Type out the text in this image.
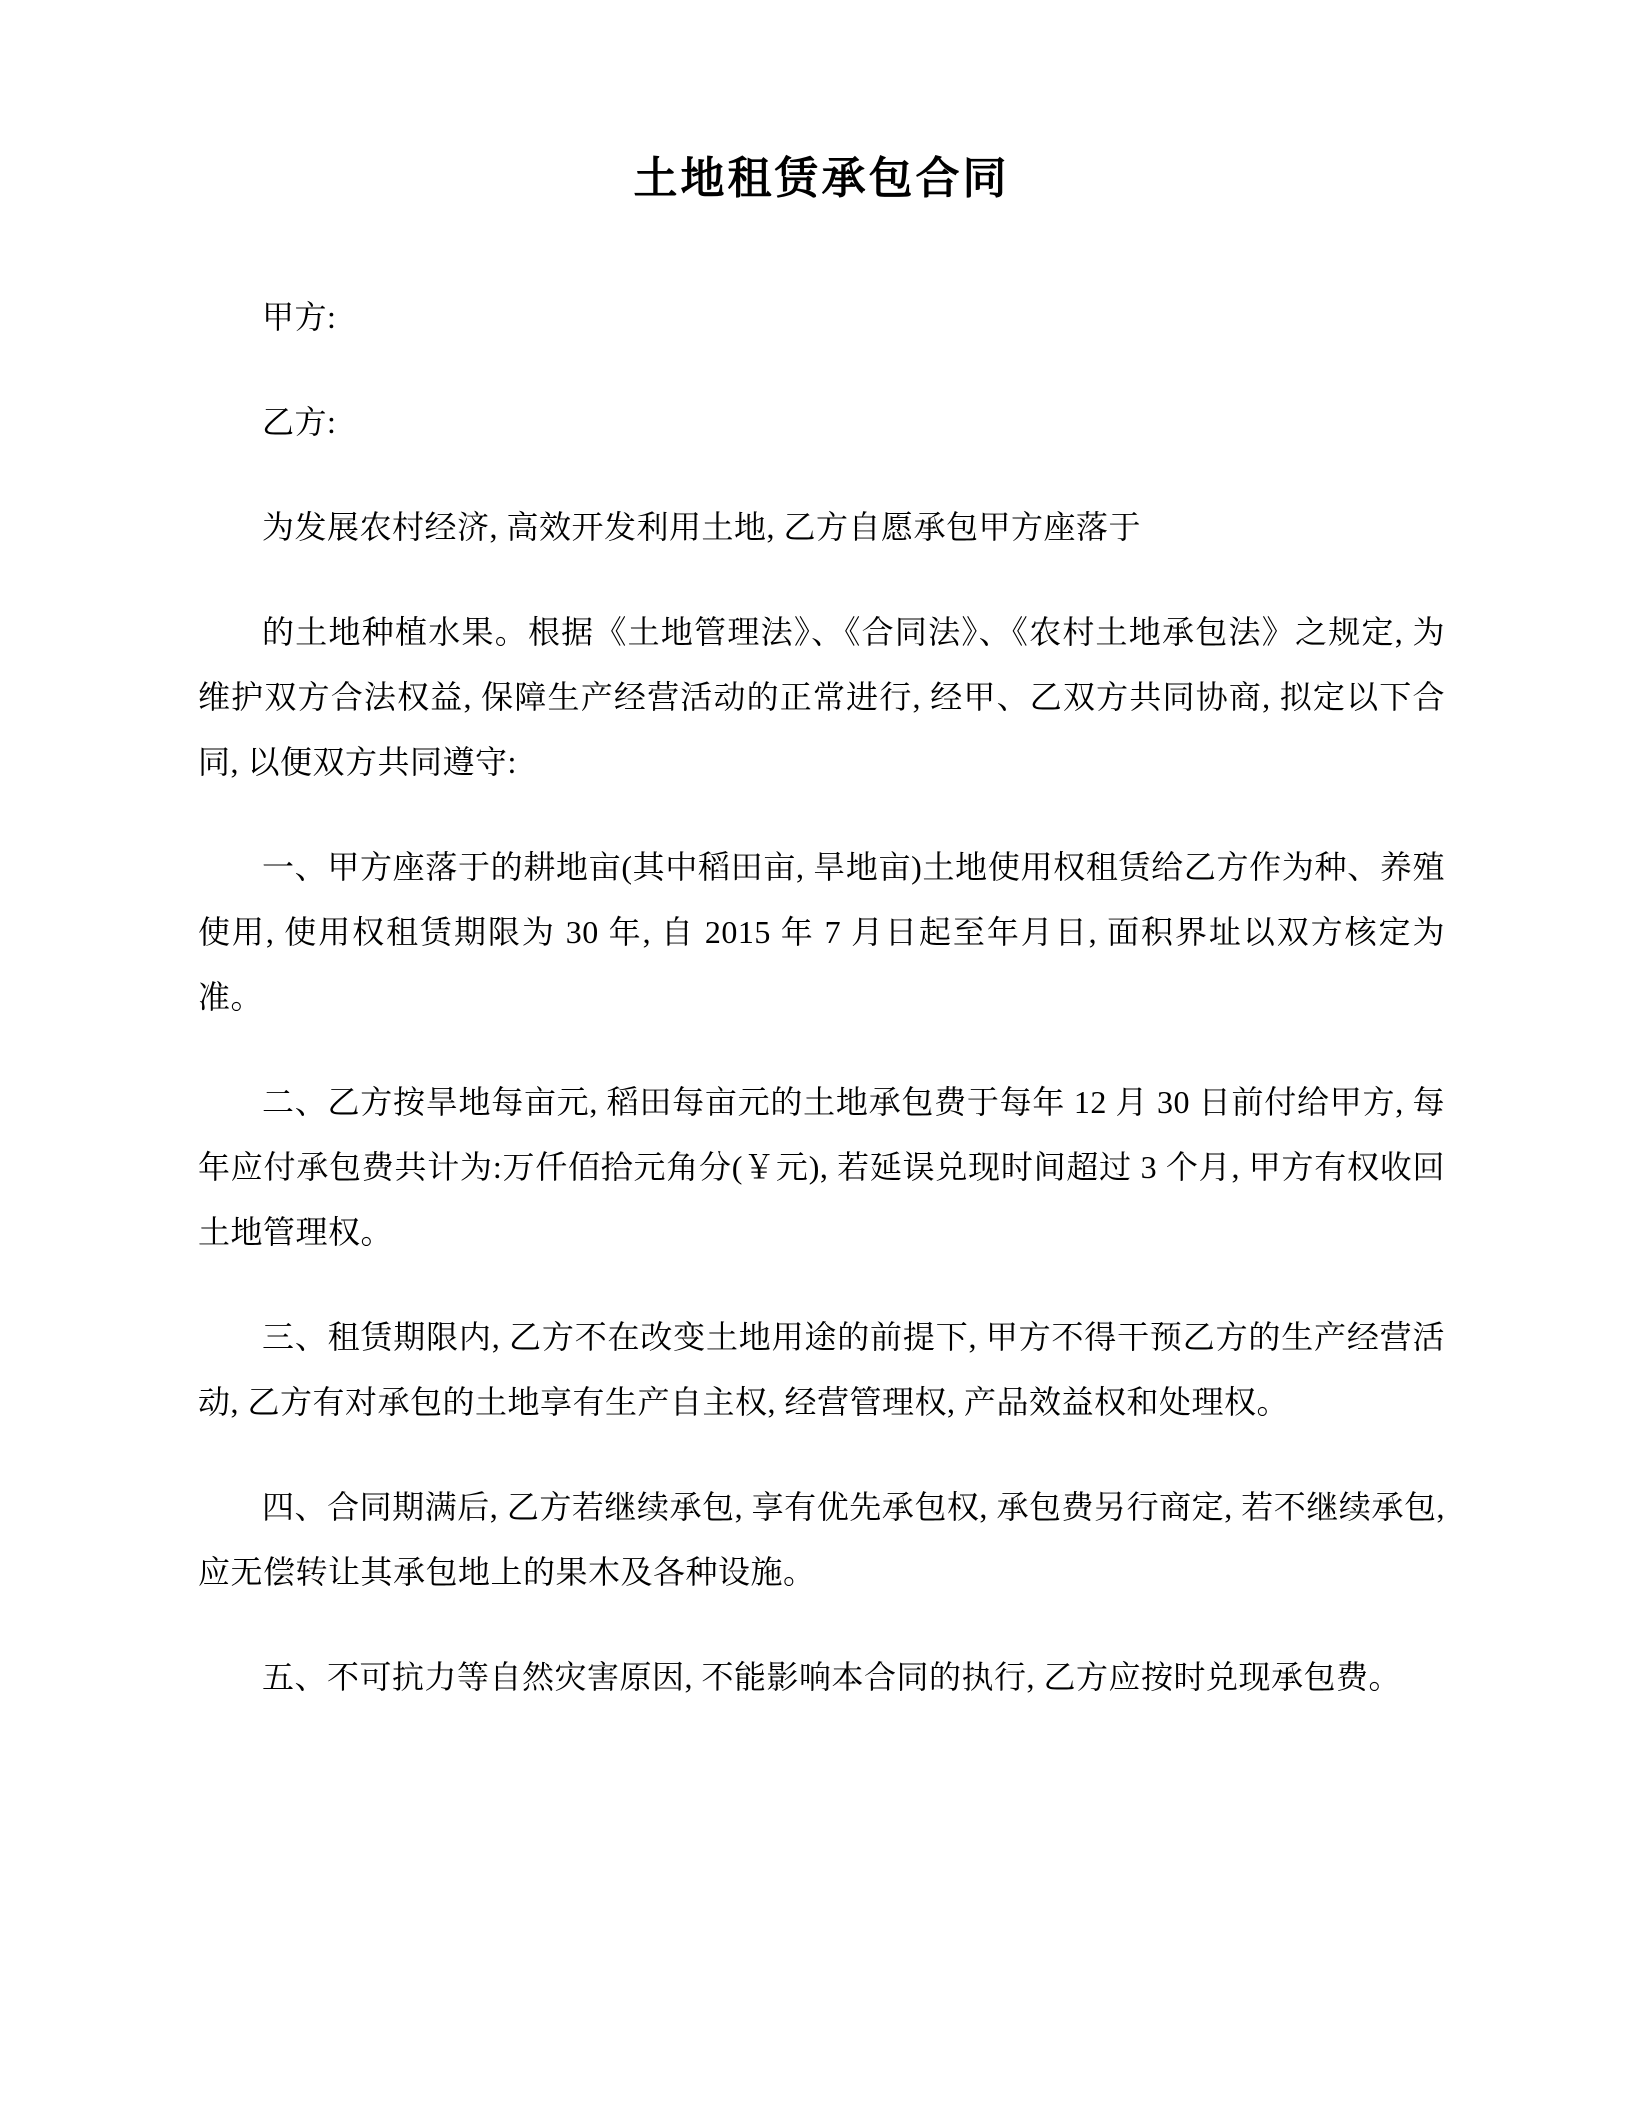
土地租赁承包合同

甲方:

乙方:

为发展农村经济, 高效开发利用土地, 乙方自愿承包甲方座落于

的土地种植水果。根据《土地管理法》、《合同法》、《农村土地承包法》之规定, 为维护双方合法权益, 保障生产经营活动的正常进行, 经甲、乙双方共同协商, 拟定以下合同, 以便双方共同遵守:

一、甲方座落于的耕地亩(其中稻田亩, 旱地亩)土地使用权租赁给乙方作为种、养殖使用, 使用权租赁期限为 30 年, 自 2015 年 7 月日起至年月日, 面积界址以双方核定为准。

二、乙方按旱地每亩元, 稻田每亩元的土地承包费于每年 12 月 30 日前付给甲方, 每年应付承包费共计为:万仟佰拾元角分(￥元), 若延误兑现时间超过 3 个月, 甲方有权收回土地管理权。

三、租赁期限内, 乙方不在改变土地用途的前提下, 甲方不得干预乙方的生产经营活动, 乙方有对承包的土地享有生产自主权, 经营管理权, 产品效益权和处理权。

四、合同期满后, 乙方若继续承包, 享有优先承包权, 承包费另行商定, 若不继续承包, 应无偿转让其承包地上的果木及各种设施。

五、不可抗力等自然灾害原因, 不能影响本合同的执行, 乙方应按时兑现承包费。
